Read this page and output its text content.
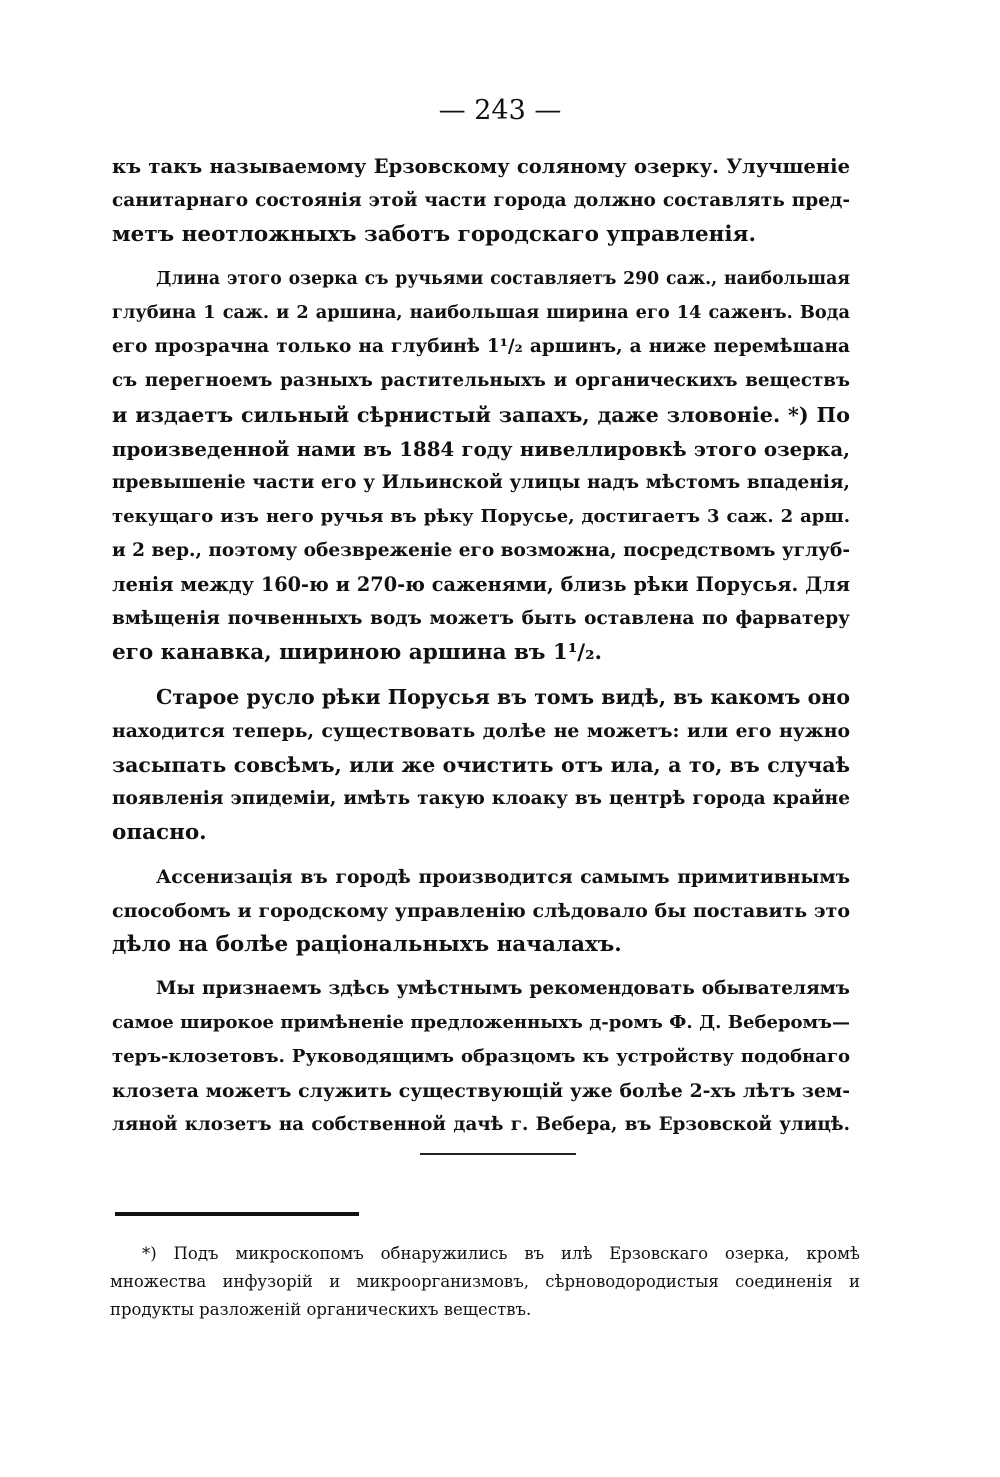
— 243 —
къ такъ называемому Ерзовскому соляному озерку. Улучшеніе
санитарнаго состоянія этой части города должно составлять пред-
метъ неотложныхъ заботъ городскаго управленія.
Длина этого озерка съ ручьями составляетъ 290 саж., наибольшая
глубина 1 саж. и 2 аршина, наибольшая ширина его 14 саженъ. Вода
его прозрачна только на глубинѣ 1¹/₂ аршинъ, а ниже перемѣшана
съ перегноемъ разныхъ растительныхъ и органическихъ веществъ
и издаетъ сильный сѣрнистый запахъ, даже зловоніе. *) По
произведенной нами въ 1884 году нивеллировкѣ этого озерка,
превышеніе части его у Ильинской улицы надъ мѣстомъ впаденія,
текущаго изъ него ручья въ рѣку Порусье, достигаетъ 3 саж. 2 арш.
и 2 вер., поэтому обезвреженіе его возможна, посредствомъ углуб-
ленія между 160-ю и 270-ю саженями, близь рѣки Порусья. Для
вмѣщенія почвенныхъ водъ можетъ быть оставлена по фарватеру
его канавка, шириною аршина въ 1¹/₂.
Старое русло рѣки Порусья въ томъ видѣ, въ какомъ оно
находится теперь, существовать долѣе не можетъ: или его нужно
засыпать совсѣмъ, или же очистить отъ ила, а то, въ случаѣ
появленія эпидеміи, имѣть такую клоаку въ центрѣ города крайне
опасно.
Ассенизація въ городѣ производится самымъ примитивнымъ
способомъ и городскому управленію слѣдовало бы поставить это
дѣло на болѣе раціональныхъ началахъ.
Мы признаемъ здѣсь умѣстнымъ рекомендовать обывателямъ
самое широкое примѣненіе предложенныхъ д-ромъ Ф. Д. Веберомъ—
теръ-клозетовъ. Руководящимъ образцомъ къ устройству подобнаго
клозета можетъ служить существующій уже болѣе 2-хъ лѣтъ зем-
ляной клозетъ на собственной дачѣ г. Вебера, въ Ерзовской улицѣ.
*) Подъ микроскопомъ обнаружились въ илѣ Ерзовскаго озерка, кромѣ
множества инфузорій и микроорганизмовъ, сѣрноводородистыя соединенія и
продукты разложеній органическихъ веществъ.
